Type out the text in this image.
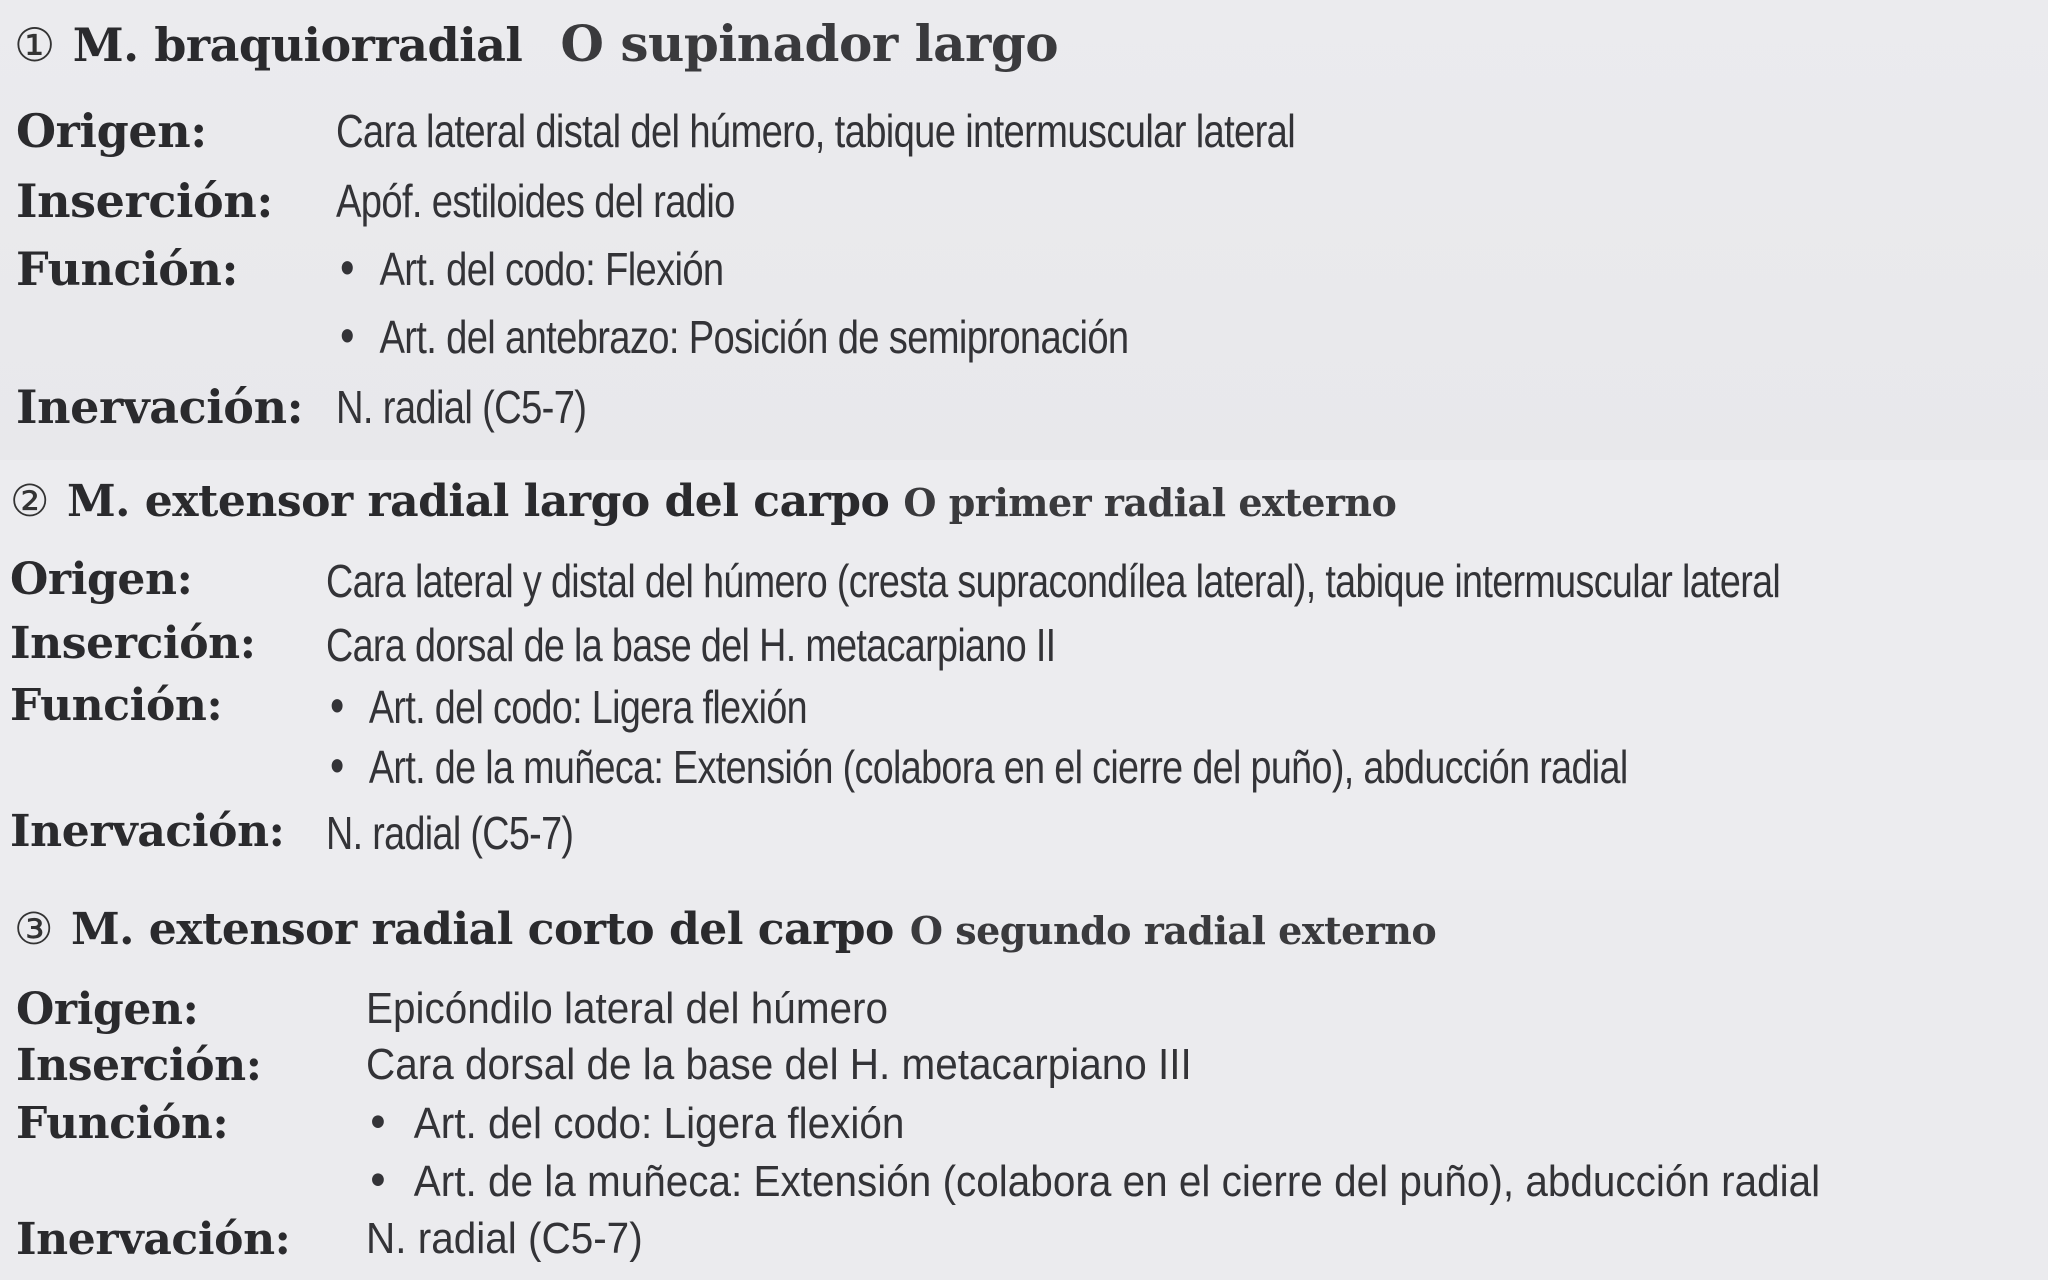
① M. braquiorradial O supinador largo
Origen:	Cara lateral distal del húmero, tabique intermuscular lateral
Inserción: Apóf. estiloides del radio
Función: • Art. del codo: Flexión
• Art. del antebrazo: Posición de semipronación
Inervación: N. radial (C5-7)
② M. extensor radial largo del carpo O primer radial externo
Origen:	Cara lateral y distal del húmero (cresta supracondílea lateral), tabique intermuscular lateral
Inserción: Cara dorsal de la base del H. metacarpiano II
Función: • Art. del codo: Ligera flexión
• Art. de la muñeca: Extensión (colabora en el cierre del puño), abducción radial
Inervación: N. radial (C5-7)
③ M. extensor radial corto del carpo O segundo radial externo
Origen:	Epicóndilo lateral del húmero
Inserción: Cara dorsal de la base del H. metacarpiano III
Función:	• Art. del codo: Ligera flexión
• Art. de la muñeca: Extensión (colabora en el cierre del puño), abducción radial
Inervación: N. radial (C5-7)
